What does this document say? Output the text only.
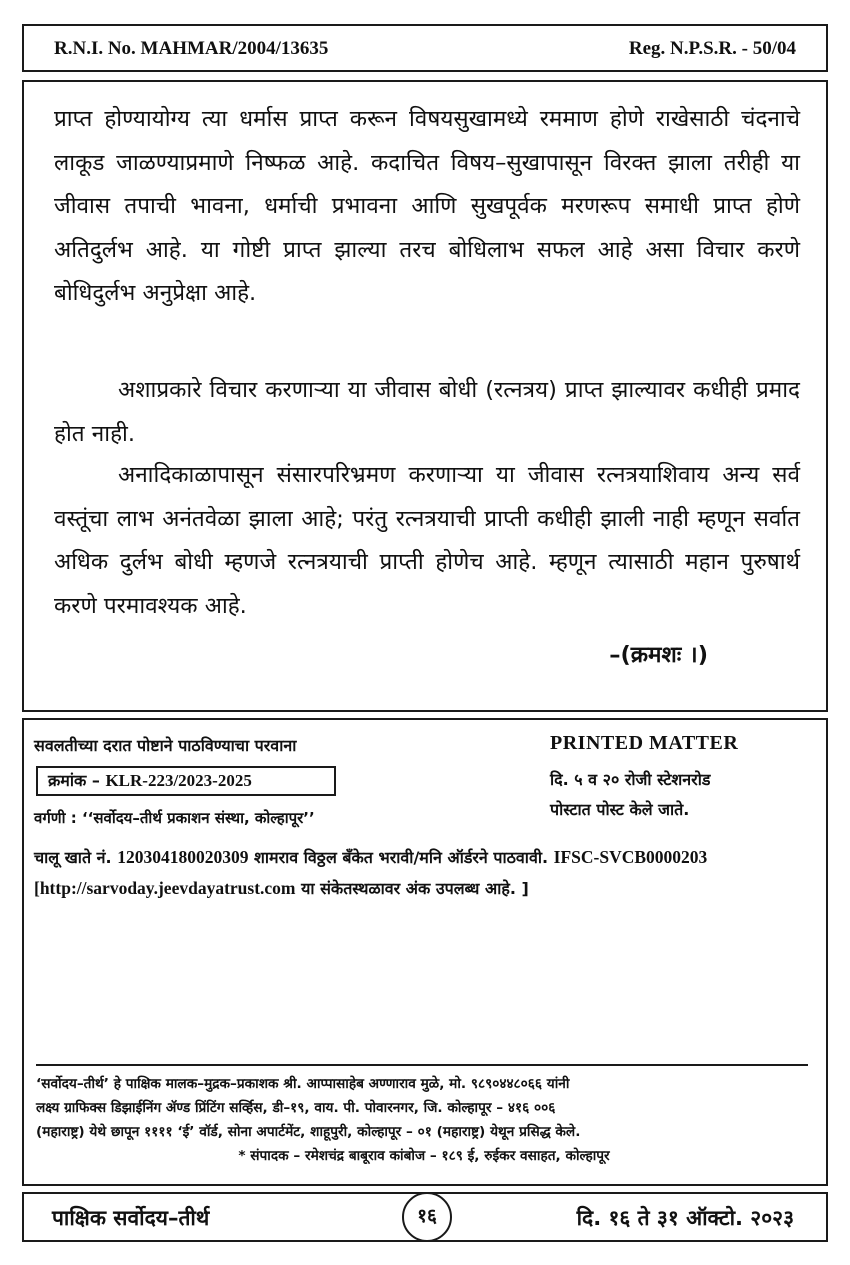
R.N.I. No. MAHMAR/2004/13635	Reg. N.P.S.R. - 50/04

प्राप्त होण्यायोग्य त्या धर्मास प्राप्त करून विषयसुखामध्ये रममाण होणे राखेसाठी चंदनाचे लाकूड जाळण्याप्रमाणे निष्फळ आहे. कदाचित विषय–सुखापासून विरक्त झाला तरीही या जीवास तपाची भावना, धर्माची प्रभावना आणि सुखपूर्वक मरणरूप समाधी प्राप्त होणे अतिदुर्लभ आहे. या गोष्टी प्राप्त झाल्या तरच बोधिलाभ सफल आहे असा विचार करणे बोधिदुर्लभ अनुप्रेक्षा आहे.

अशाप्रकारे विचार करणाऱ्या या जीवास बोधी (रत्नत्रय) प्राप्त झाल्यावर कधीही प्रमाद होत नाही.

अनादिकाळापासून संसारपरिभ्रमण करणाऱ्या या जीवास रत्नत्रयाशिवाय अन्य सर्व वस्तूंचा लाभ अनंतवेळा झाला आहे; परंतु रत्नत्रयाची प्राप्ती कधीही झाली नाही म्हणून सर्वात अधिक दुर्लभ बोधी म्हणजे रत्नत्रयाची प्राप्ती होणेच आहे. म्हणून त्यासाठी महान पुरुषार्थ करणे परमावश्यक आहे.

–(क्रमशः ।)
सवलतीच्या दरात पोष्टाने पाठविण्याचा परवाना
क्रमांक – KLR-223/2023-2025
वर्गणी : ‘‘सर्वोदय–तीर्थ प्रकाशन संस्था, कोल्हापूर’’
PRINTED MATTER
दि. ५ व २० रोजी स्टेशनरोड
पोस्टात पोस्ट केले जाते.
चालू खाते नं. 120304180020309 शामराव विठ्ठल बँकेत भरावी/मनि ऑर्डरने पाठवावी. IFSC-SVCB0000203 [http://sarvoday.jeevdayatrust.com या संकेतस्थळावर अंक उपलब्ध आहे. ]
‘सर्वोदय–तीर्थ’ हे पाक्षिक मालक–मुद्रक–प्रकाशक श्री. आप्पासाहेब अण्णाराव मुळे, मो. ९८९०४४८०६६ यांनी
लक्ष्य ग्राफिक्स डिझाईनिंग ॲण्ड प्रिंटिंग सर्व्हिस, डी–१९, वाय. पी. पोवारनगर, जि. कोल्हापूर – ४१६ ००६
(महाराष्ट्र) येथे छापून ११११ ‘ई’ वॉर्ड, सोना अपार्टमेंट, शाहूपुरी, कोल्हापूर – ०१ (महाराष्ट्र) येथून प्रसिद्ध केले.
* संपादक – रमेशचंद्र बाबूराव कांबोज – १८९ ई, रुईकर वसाहत, कोल्हापूर
पाक्षिक सर्वोदय–तीर्थ	१६	दि. १६ ते ३१ ऑक्टो. २०२३
